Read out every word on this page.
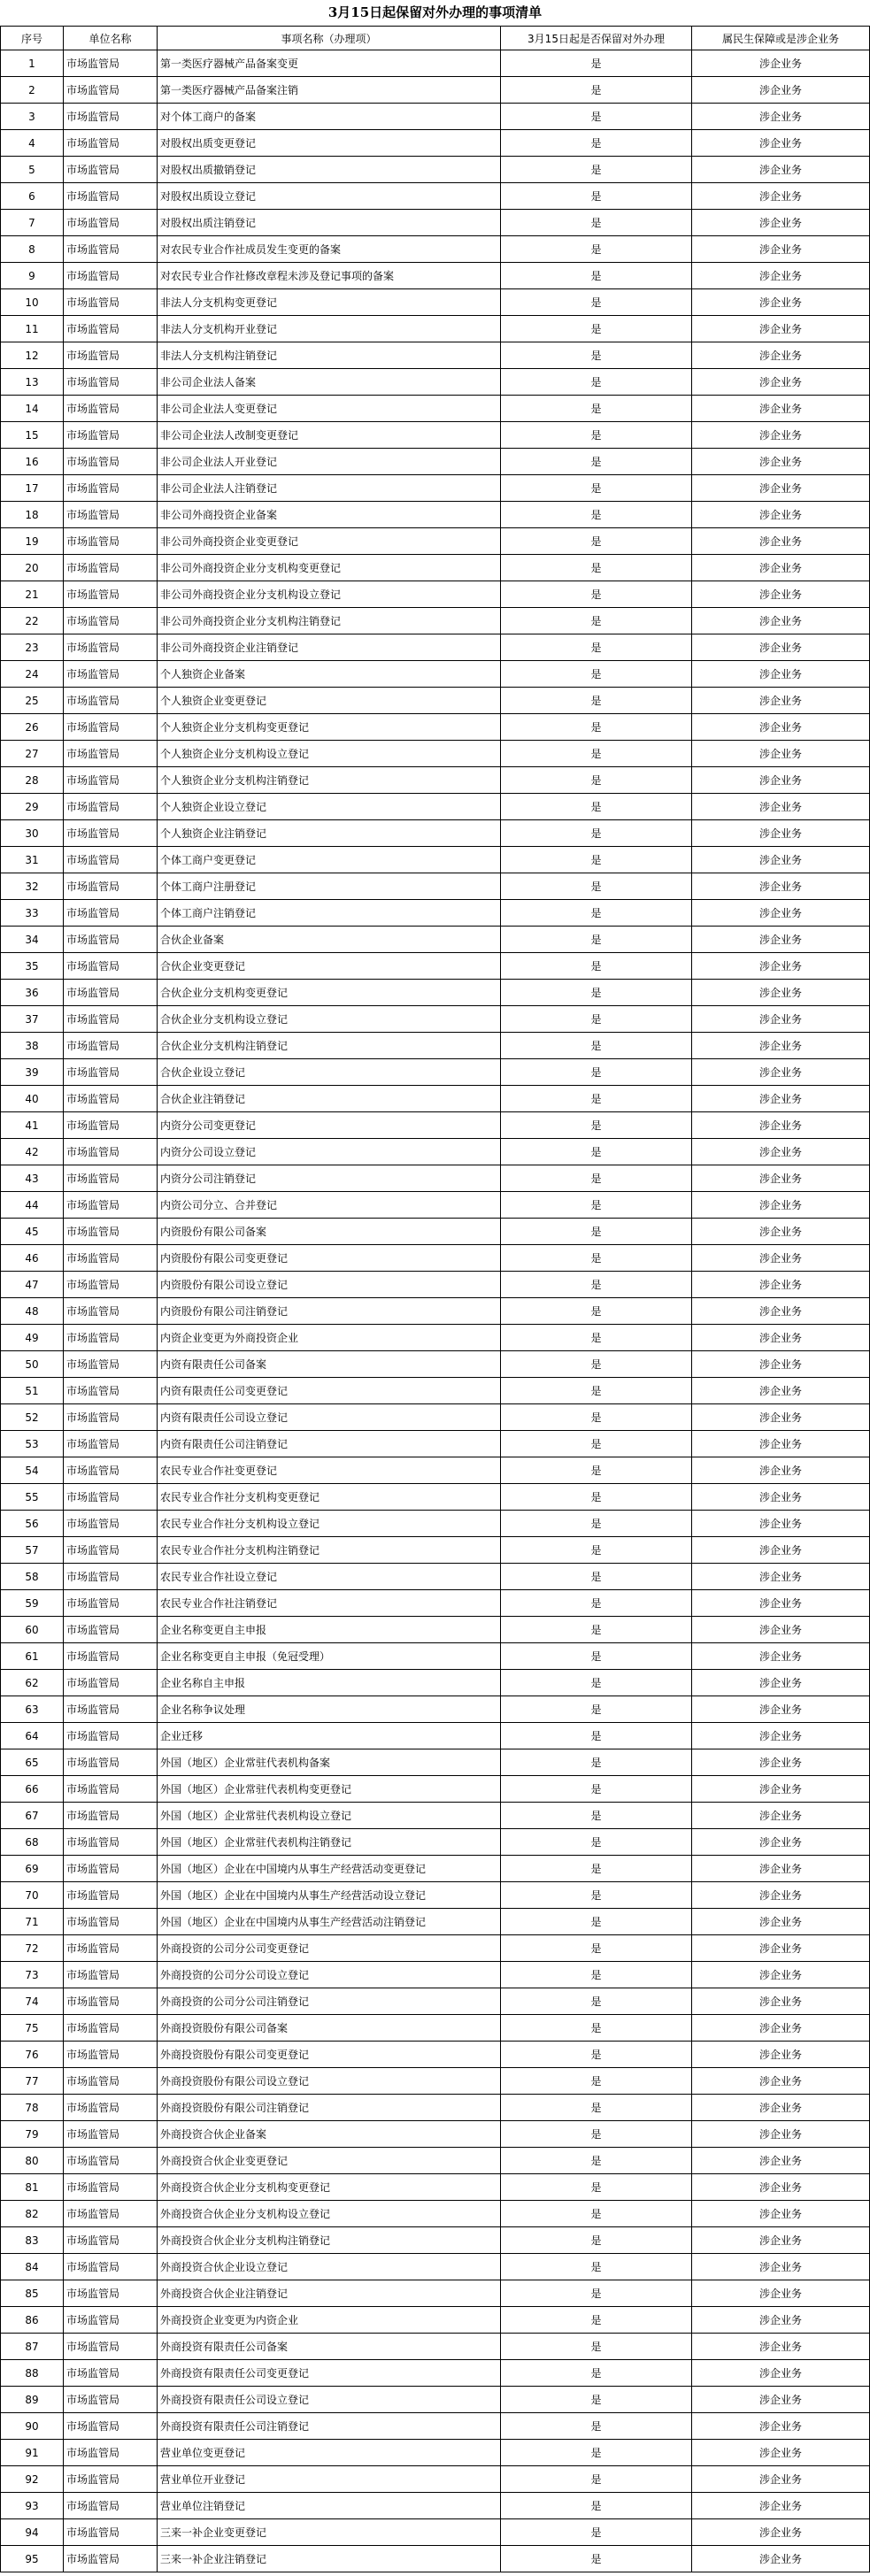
3月15日起保留对外办理的事项清单
序号	单位名称	事项名称（办理项）	3月15日起是否保留对外办理	属民生保障或是涉企业务
1	市场监管局	第一类医疗器械产品备案变更	是	涉企业务
2	市场监管局	第一类医疗器械产品备案注销	是	涉企业务
3	市场监管局	对个体工商户的备案	是	涉企业务
4	市场监管局	对股权出质变更登记	是	涉企业务
5	市场监管局	对股权出质撤销登记	是	涉企业务
6	市场监管局	对股权出质设立登记	是	涉企业务
7	市场监管局	对股权出质注销登记	是	涉企业务
8	市场监管局	对农民专业合作社成员发生变更的备案	是	涉企业务
9	市场监管局	对农民专业合作社修改章程未涉及登记事项的备案	是	涉企业务
10	市场监管局	非法人分支机构变更登记	是	涉企业务
11	市场监管局	非法人分支机构开业登记	是	涉企业务
12	市场监管局	非法人分支机构注销登记	是	涉企业务
13	市场监管局	非公司企业法人备案	是	涉企业务
14	市场监管局	非公司企业法人变更登记	是	涉企业务
15	市场监管局	非公司企业法人改制变更登记	是	涉企业务
16	市场监管局	非公司企业法人开业登记	是	涉企业务
17	市场监管局	非公司企业法人注销登记	是	涉企业务
18	市场监管局	非公司外商投资企业备案	是	涉企业务
19	市场监管局	非公司外商投资企业变更登记	是	涉企业务
20	市场监管局	非公司外商投资企业分支机构变更登记	是	涉企业务
21	市场监管局	非公司外商投资企业分支机构设立登记	是	涉企业务
22	市场监管局	非公司外商投资企业分支机构注销登记	是	涉企业务
23	市场监管局	非公司外商投资企业注销登记	是	涉企业务
24	市场监管局	个人独资企业备案	是	涉企业务
25	市场监管局	个人独资企业变更登记	是	涉企业务
26	市场监管局	个人独资企业分支机构变更登记	是	涉企业务
27	市场监管局	个人独资企业分支机构设立登记	是	涉企业务
28	市场监管局	个人独资企业分支机构注销登记	是	涉企业务
29	市场监管局	个人独资企业设立登记	是	涉企业务
30	市场监管局	个人独资企业注销登记	是	涉企业务
31	市场监管局	个体工商户变更登记	是	涉企业务
32	市场监管局	个体工商户注册登记	是	涉企业务
33	市场监管局	个体工商户注销登记	是	涉企业务
34	市场监管局	合伙企业备案	是	涉企业务
35	市场监管局	合伙企业变更登记	是	涉企业务
36	市场监管局	合伙企业分支机构变更登记	是	涉企业务
37	市场监管局	合伙企业分支机构设立登记	是	涉企业务
38	市场监管局	合伙企业分支机构注销登记	是	涉企业务
39	市场监管局	合伙企业设立登记	是	涉企业务
40	市场监管局	合伙企业注销登记	是	涉企业务
41	市场监管局	内资分公司变更登记	是	涉企业务
42	市场监管局	内资分公司设立登记	是	涉企业务
43	市场监管局	内资分公司注销登记	是	涉企业务
44	市场监管局	内资公司分立、合并登记	是	涉企业务
45	市场监管局	内资股份有限公司备案	是	涉企业务
46	市场监管局	内资股份有限公司变更登记	是	涉企业务
47	市场监管局	内资股份有限公司设立登记	是	涉企业务
48	市场监管局	内资股份有限公司注销登记	是	涉企业务
49	市场监管局	内资企业变更为外商投资企业	是	涉企业务
50	市场监管局	内资有限责任公司备案	是	涉企业务
51	市场监管局	内资有限责任公司变更登记	是	涉企业务
52	市场监管局	内资有限责任公司设立登记	是	涉企业务
53	市场监管局	内资有限责任公司注销登记	是	涉企业务
54	市场监管局	农民专业合作社变更登记	是	涉企业务
55	市场监管局	农民专业合作社分支机构变更登记	是	涉企业务
56	市场监管局	农民专业合作社分支机构设立登记	是	涉企业务
57	市场监管局	农民专业合作社分支机构注销登记	是	涉企业务
58	市场监管局	农民专业合作社设立登记	是	涉企业务
59	市场监管局	农民专业合作社注销登记	是	涉企业务
60	市场监管局	企业名称变更自主申报	是	涉企业务
61	市场监管局	企业名称变更自主申报（免冠受理）	是	涉企业务
62	市场监管局	企业名称自主申报	是	涉企业务
63	市场监管局	企业名称争议处理	是	涉企业务
64	市场监管局	企业迁移	是	涉企业务
65	市场监管局	外国（地区）企业常驻代表机构备案	是	涉企业务
66	市场监管局	外国（地区）企业常驻代表机构变更登记	是	涉企业务
67	市场监管局	外国（地区）企业常驻代表机构设立登记	是	涉企业务
68	市场监管局	外国（地区）企业常驻代表机构注销登记	是	涉企业务
69	市场监管局	外国（地区）企业在中国境内从事生产经营活动变更登记	是	涉企业务
70	市场监管局	外国（地区）企业在中国境内从事生产经营活动设立登记	是	涉企业务
71	市场监管局	外国（地区）企业在中国境内从事生产经营活动注销登记	是	涉企业务
72	市场监管局	外商投资的公司分公司变更登记	是	涉企业务
73	市场监管局	外商投资的公司分公司设立登记	是	涉企业务
74	市场监管局	外商投资的公司分公司注销登记	是	涉企业务
75	市场监管局	外商投资股份有限公司备案	是	涉企业务
76	市场监管局	外商投资股份有限公司变更登记	是	涉企业务
77	市场监管局	外商投资股份有限公司设立登记	是	涉企业务
78	市场监管局	外商投资股份有限公司注销登记	是	涉企业务
79	市场监管局	外商投资合伙企业备案	是	涉企业务
80	市场监管局	外商投资合伙企业变更登记	是	涉企业务
81	市场监管局	外商投资合伙企业分支机构变更登记	是	涉企业务
82	市场监管局	外商投资合伙企业分支机构设立登记	是	涉企业务
83	市场监管局	外商投资合伙企业分支机构注销登记	是	涉企业务
84	市场监管局	外商投资合伙企业设立登记	是	涉企业务
85	市场监管局	外商投资合伙企业注销登记	是	涉企业务
86	市场监管局	外商投资企业变更为内资企业	是	涉企业务
87	市场监管局	外商投资有限责任公司备案	是	涉企业务
88	市场监管局	外商投资有限责任公司变更登记	是	涉企业务
89	市场监管局	外商投资有限责任公司设立登记	是	涉企业务
90	市场监管局	外商投资有限责任公司注销登记	是	涉企业务
91	市场监管局	营业单位变更登记	是	涉企业务
92	市场监管局	营业单位开业登记	是	涉企业务
93	市场监管局	营业单位注销登记	是	涉企业务
94	市场监管局	三来一补企业变更登记	是	涉企业务
95	市场监管局	三来一补企业注销登记	是	涉企业务
